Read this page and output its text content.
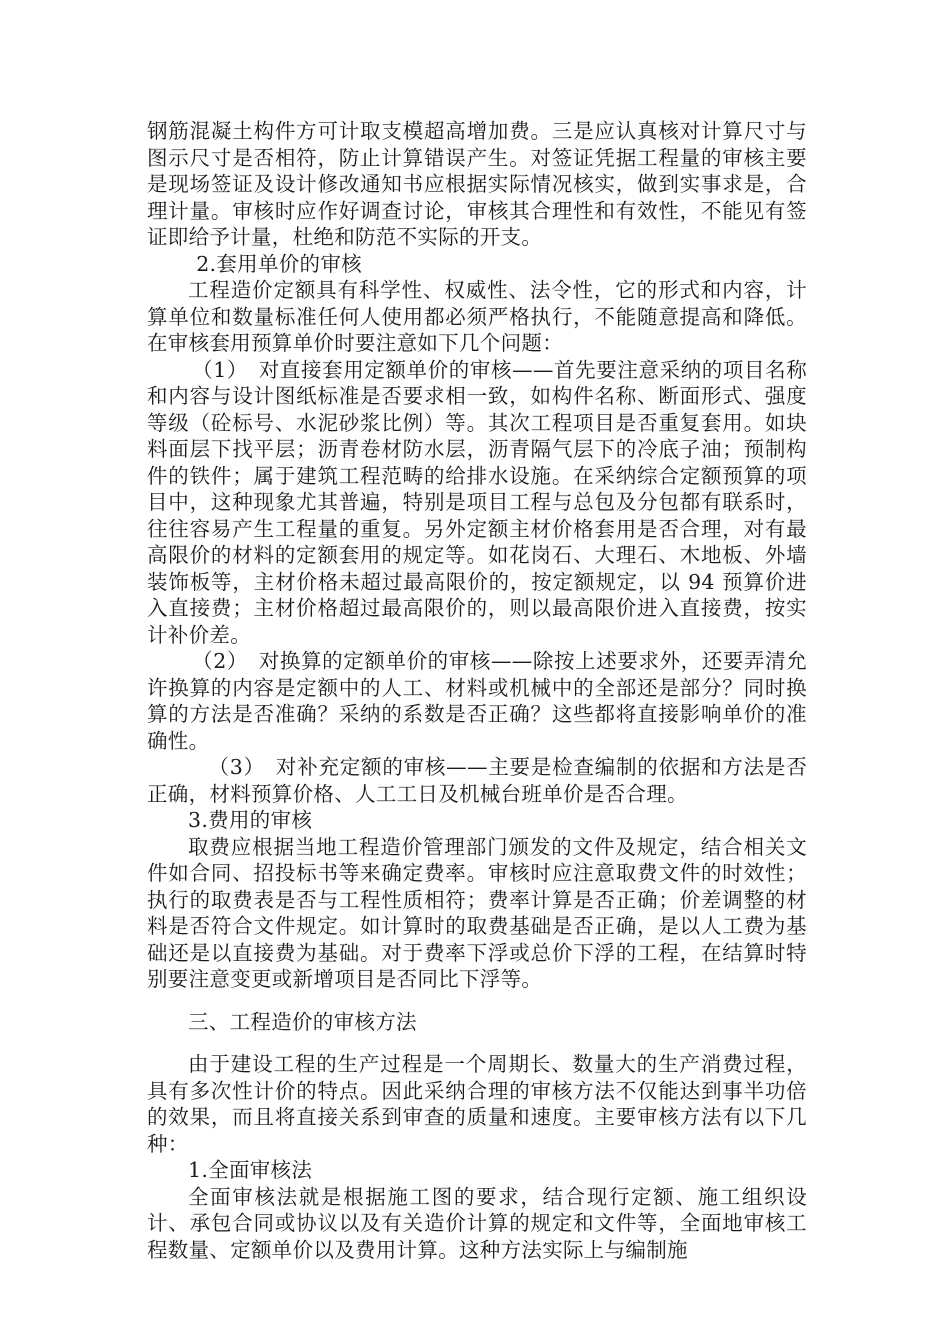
钢筋混凝土构件方可计取支模超高增加费。三是应认真核对计算尺寸与图示尺寸是否相符，防止计算错误产生。对签证凭据工程量的审核主要是现场签证及设计修改通知书应根据实际情况核实，做到实事求是，合理计量。审核时应作好调查讨论，审核其合理性和有效性，不能见有签证即给予计量，杜绝和防范不实际的开支。

2.套用单价的审核

工程造价定额具有科学性、权威性、法令性，它的形式和内容，计算单位和数量标准任何人使用都必须严格执行，不能随意提高和降低。在审核套用预算单价时要注意如下几个问题：

（1）　对直接套用定额单价的审核——首先要注意采纳的项目名称和内容与设计图纸标准是否要求相一致，如构件名称、断面形式、强度等级（砼标号、水泥砂浆比例）等。其次工程项目是否重复套用。如块料面层下找平层；沥青卷材防水层，沥青隔气层下的冷底子油；预制构件的铁件；属于建筑工程范畴的给排水设施。在采纳综合定额预算的项目中，这种现象尤其普遍，特别是项目工程与总包及分包都有联系时，往往容易产生工程量的重复。另外定额主材价格套用是否合理，对有最高限价的材料的定额套用的规定等。如花岗石、大理石、木地板、外墙装饰板等，主材价格未超过最高限价的，按定额规定，以 94 预算价进入直接费；主材价格超过最高限价的，则以最高限价进入直接费，按实计补价差。

（2）　对换算的定额单价的审核——除按上述要求外，还要弄清允许换算的内容是定额中的人工、材料或机械中的全部还是部分？同时换算的方法是否准确？采纳的系数是否正确？这些都将直接影响单价的准确性。

（3）　对补充定额的审核——主要是检查编制的依据和方法是否正确，材料预算价格、人工工日及机械台班单价是否合理。

3.费用的审核

取费应根据当地工程造价管理部门颁发的文件及规定，结合相关文件如合同、招投标书等来确定费率。审核时应注意取费文件的时效性；执行的取费表是否与工程性质相符；费率计算是否正确；价差调整的材料是否符合文件规定。如计算时的取费基础是否正确，是以人工费为基础还是以直接费为基础。对于费率下浮或总价下浮的工程，在结算时特别要注意变更或新增项目是否同比下浮等。

三、工程造价的审核方法

由于建设工程的生产过程是一个周期长、数量大的生产消费过程，具有多次性计价的特点。因此采纳合理的审核方法不仅能达到事半功倍的效果，而且将直接关系到审查的质量和速度。主要审核方法有以下几种：

1.全面审核法

全面审核法就是根据施工图的要求，结合现行定额、施工组织设计、承包合同或协议以及有关造价计算的规定和文件等，全面地审核工程数量、定额单价以及费用计算。这种方法实际上与编制施
